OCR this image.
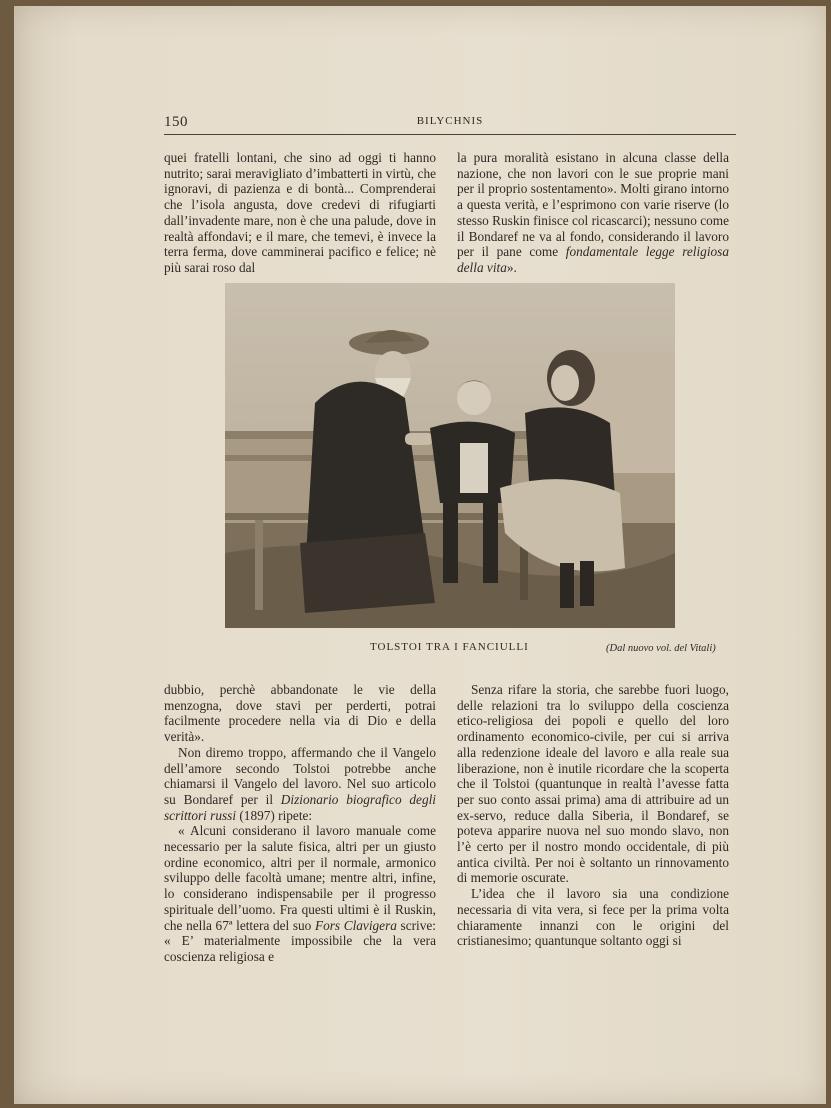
150	BILYCHNIS

quei fratelli lontani, che sino ad oggi ti hanno nutrito; sarai meravigliato d’imbatterti in virtù, che ignoravi, di pazienza e di bontà... Comprenderai che l’isola angusta, dove credevi di rifugiarti dall’invadente mare, non è che una palude, dove in realtà affondavi; e il mare, che temevi, è invece la terra ferma, dove camminerai pacifico e felice; nè più sarai roso dal

la pura moralità esistano in alcuna classe della nazione, che non lavori con le sue proprie mani per il proprio sostentamento». Molti girano intorno a questa verità, e l’esprimono con varie riserve (lo stesso Ruskin finisce col ricascarci); nessuno come il Bondaref ne va al fondo, considerando il lavoro per il pane come fondamentale legge religiosa della vita».

TOLSTOI TRA I FANCIULLI	(Dal nuovo vol. del Vitali)

dubbio, perchè abbandonate le vie della menzogna, dove stavi per perderti, potrai facilmente procedere nella via di Dio e della verità».

Non diremo troppo, affermando che il Vangelo dell’amore secondo Tolstoi potrebbe anche chiamarsi il Vangelo del lavoro. Nel suo articolo su Bondaref per il Dizionario biografico degli scrittori russi (1897) ripete:

« Alcuni considerano il lavoro manuale come necessario per la salute fisica, altri per un giusto ordine economico, altri per il normale, armonico sviluppo delle facoltà umane; mentre altri, infine, lo considerano indispensabile per il progresso spirituale dell’uomo. Fra questi ultimi è il Ruskin, che nella 67ª lettera del suo Fors Clavigera scrive: « E’ materialmente impossibile che la vera coscienza religiosa e

Senza rifare la storia, che sarebbe fuori luogo, delle relazioni tra lo sviluppo della coscienza etico-religiosa dei popoli e quello del loro ordinamento economico-civile, per cui si arriva alla redenzione ideale del lavoro e alla reale sua liberazione, non è inutile ricordare che la scoperta che il Tolstoi (quantunque in realtà l’avesse fatta per suo conto assai prima) ama di attribuire ad un ex-servo, reduce dalla Siberia, il Bondaref, se poteva apparire nuova nel suo mondo slavo, non l’è certo per il nostro mondo occidentale, di più antica civiltà. Per noi è soltanto un rinnovamento di memorie oscurate.

L’idea che il lavoro sia una condizione necessaria di vita vera, si fece per la prima volta chiaramente innanzi con le origini del cristianesimo; quantunque soltanto oggi si
